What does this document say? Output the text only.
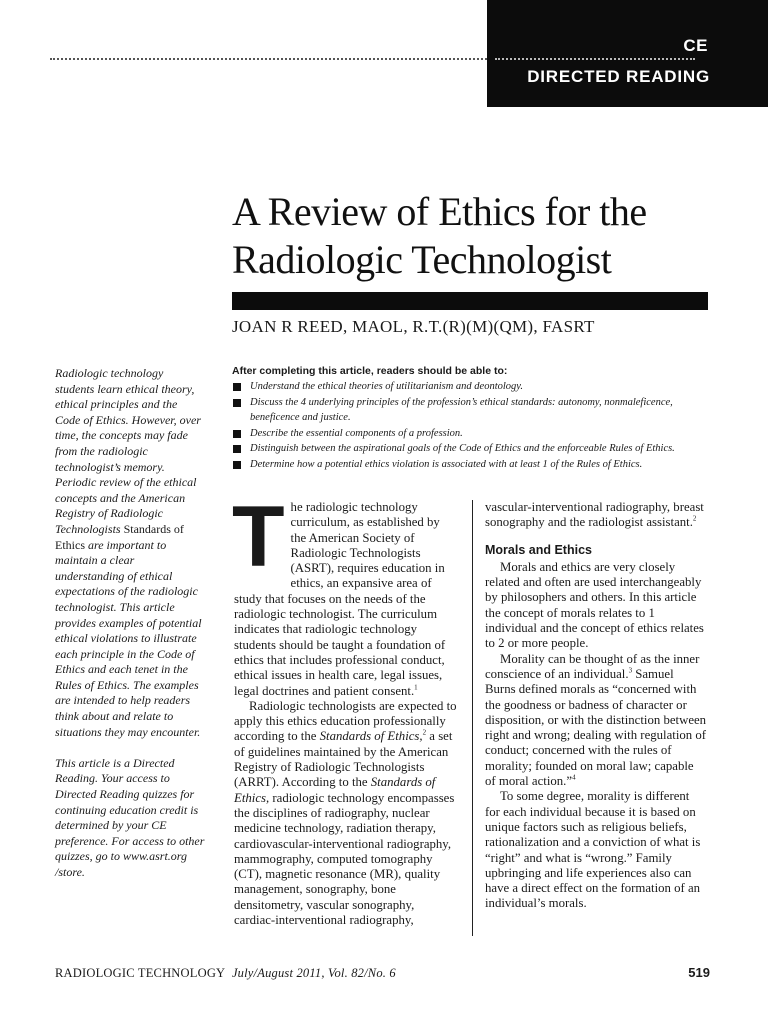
CE
DIRECTED READING
A Review of Ethics for the Radiologic Technologist
JOAN R REED, MAOL, R.T.(R)(M)(QM), FASRT

Radiologic technology students learn ethical theory, ethical principles and the Code of Ethics. However, over time, the concepts may fade from the radiologic technologist’s memory. Periodic review of the ethical concepts and the American Registry of Radiologic Technologists Standards of Ethics are important to maintain a clear understanding of ethical expectations of the radiologic technologist. This article provides examples of potential ethical violations to illustrate each principle in the Code of Ethics and each tenet in the Rules of Ethics. The examples are intended to help readers think about and relate to situations they may encounter.

This article is a Directed Reading. Your access to Directed Reading quizzes for continuing education credit is determined by your CE preference. For access to other quizzes, go to www.asrt.org /store.

After completing this article, readers should be able to:
Understand the ethical theories of utilitarianism and deontology.
Discuss the 4 underlying principles of the profession’s ethical standards: autonomy, nonmaleficence, beneficence and justice.
Describe the essential components of a profession.
Distinguish between the aspirational goals of the Code of Ethics and the enforceable Rules of Ethics.
Determine how a potential ethics violation is associated with at least 1 of the Rules of Ethics.

The radiologic technology curriculum, as established by the American Society of Radiologic Technologists (ASRT), requires education in ethics, an expansive area of study that focuses on the needs of the radiologic technologist. The curriculum indicates that radiologic technology students should be taught a foundation of ethics that includes professional conduct, ethical issues in health care, legal issues, legal doctrines and patient consent.$^1$

Radiologic technologists are expected to apply this ethics education professionally according to the Standards of Ethics,$^2$ a set of guidelines maintained by the American Registry of Radiologic Technologists (ARRT). According to the Standards of Ethics, radiologic technology encompasses the disciplines of radiography, nuclear medicine technology, radiation therapy, cardiovascular-interventional radiography, mammography, computed tomography (CT), magnetic resonance (MR), quality management, sonography, bone densitometry, vascular sonography, cardiac-interventional radiography,

vascular-interventional radiography, breast sonography and the radiologist assistant.$^2$

Morals and Ethics

Morals and ethics are very closely related and often are used interchangeably by philosophers and others. In this article the concept of morals relates to 1 individual and the concept of ethics relates to 2 or more people.

Morality can be thought of as the inner conscience of an individual.$^3$ Samuel Burns defined morals as “concerned with the goodness or badness of character or disposition, or with the distinction between right and wrong; dealing with regulation of conduct; concerned with the rules of morality; founded on moral law; capable of moral action.”$^4$

To some degree, morality is different for each individual because it is based on unique factors such as religious beliefs, rationalization and a conviction of what is “right” and what is “wrong.” Family upbringing and life experiences also can have a direct effect on the formation of an individual’s morals.

RADIOLOGIC TECHNOLOGY July/August 2011, Vol. 82/No. 6	519
